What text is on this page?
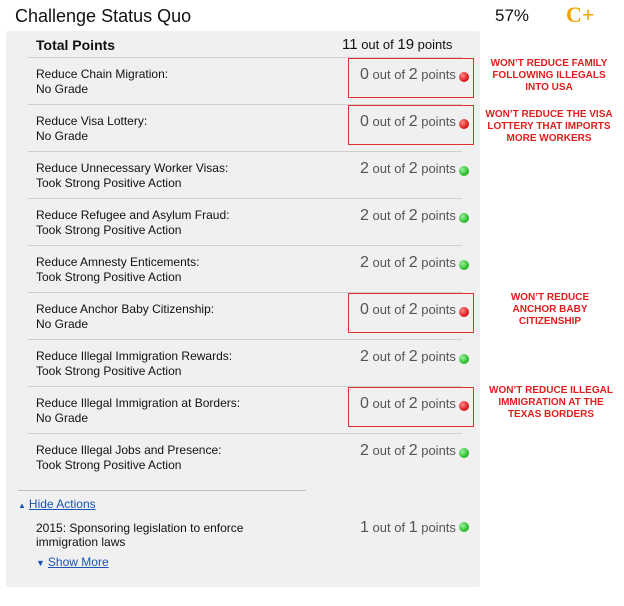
Challenge Status Quo	57% C+
Total Points	11 out of 19 points
Reduce Chain Migration:
No Grade
0 out of 2 points
Reduce Visa Lottery:
No Grade
0 out of 2 points
Reduce Unnecessary Worker Visas:
Took Strong Positive Action
2 out of 2 points
Reduce Refugee and Asylum Fraud:
Took Strong Positive Action
2 out of 2 points
Reduce Amnesty Enticements:
Took Strong Positive Action
2 out of 2 points
Reduce Anchor Baby Citizenship:
No Grade
0 out of 2 points
Reduce Illegal Immigration Rewards:
Took Strong Positive Action
2 out of 2 points
Reduce Illegal Immigration at Borders:
No Grade
0 out of 2 points
Reduce Illegal Jobs and Presence:
Took Strong Positive Action
2 out of 2 points
WON’T REDUCE FAMILY
FOLLOWING ILLEGALS
INTO USA
WON’T REDUCE THE VISA
LOTTERY THAT IMPORTS
MORE WORKERS
WON’T REDUCE
ANCHOR BABY
CITIZENSHIP
WON’T REDUCE ILLEGAL
IMMIGRATION AT THE
TEXAS BORDERS
▲ Hide Actions
2015: Sponsoring legislation to enforce immigration laws
1 out of 1 points
▼ Show More
